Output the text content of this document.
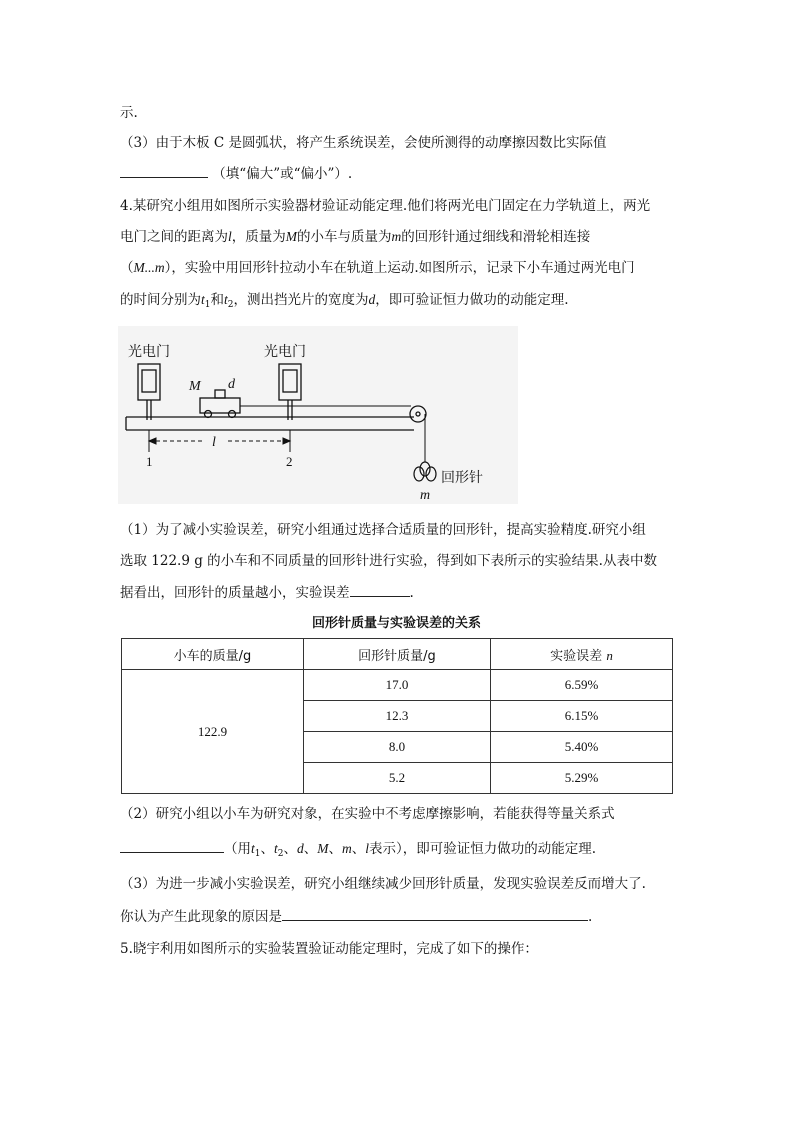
示.
（3）由于木板 C 是圆弧状，将产生系统误差，会使所测得的动摩擦因数比实际值
（填“偏大”或“偏小”）.
4.某研究小组用如图所示实验器材验证动能定理.他们将两光电门固定在力学轨道上，两光
电门之间的距离为l，质量为M的小车与质量为m的回形针通过细线和滑轮相连接
（M...m），实验中用回形针拉动小车在轨道上运动.如图所示，记录下小车通过两光电门
的时间分别为$t_1$和$t_2$，测出挡光片的宽度为d，即可验证恒力做功的动能定理.
光电门	光电门
M d
回形针
m
l
1	2
（1）为了减小实验误差，研究小组通过选择合适质量的回形针，提高实验精度.研究小组
选取 122.9 g 的小车和不同质量的回形针进行实验，得到如下表所示的实验结果.从表中数
据看出，回形针的质量越小，实验误差	.
回形针质量与实验误差的关系
小车的质量/g	回形针质量/g	实验误差 n
122.9	17.0	6.59%
	12.3	6.15%
	8.0	5.40%
	5.2	5.29%
（2）研究小组以小车为研究对象，在实验中不考虑摩擦影响，若能获得等量关系式
（用$t_1$、$t_2$、d、M、m、l表示），即可验证恒力做功的动能定理.
（3）为进一步减小实验误差，研究小组继续减少回形针质量，发现实验误差反而增大了.
你认为产生此现象的原因是	.
5.晓宇利用如图所示的实验装置验证动能定理时，完成了如下的操作：
